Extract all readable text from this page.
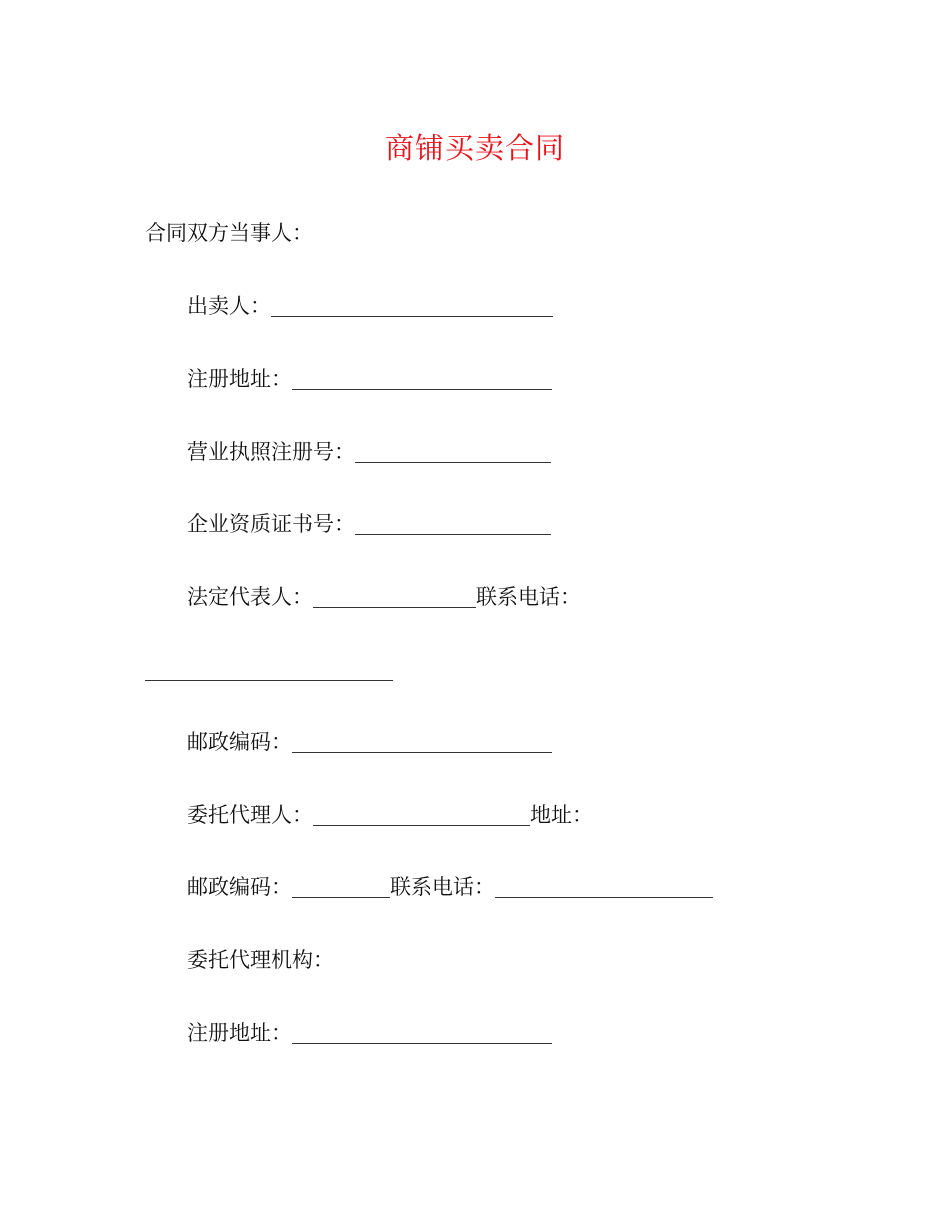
商铺买卖合同
合同双方当事人：
出卖人：
注册地址：
营业执照注册号：
企业资质证书号：
法定代表人：	联系电话：
邮政编码：
委托代理人：	地址：
邮政编码：	联系电话：
委托代理机构：
注册地址：
